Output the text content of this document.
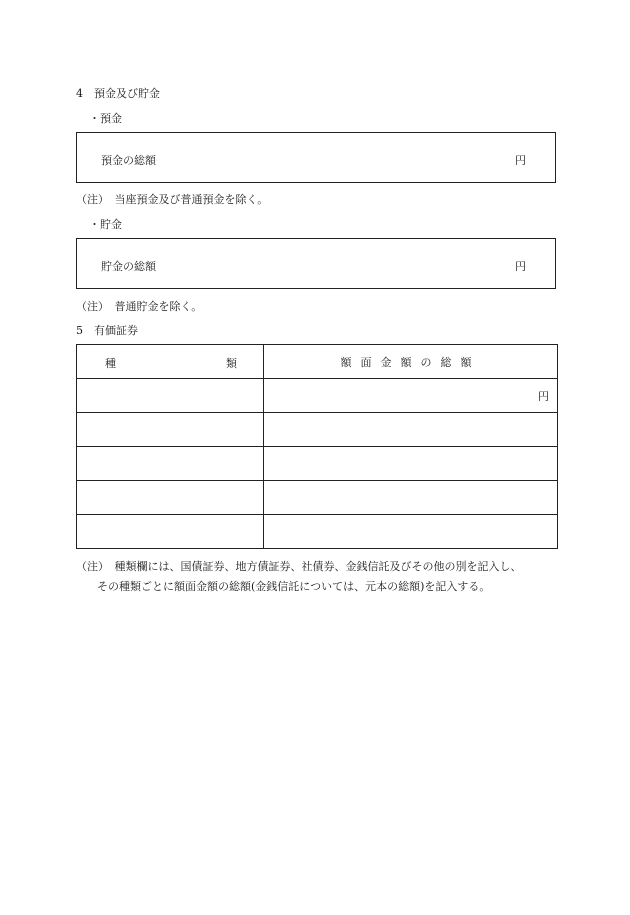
4　預金及び貯金
・預金
預金の総額	円
（注）　当座預金及び普通預金を除く。
・貯金
貯金の総額	円
（注）　普通貯金を除く。
5　有価証券
種 類	額面金額の総額
	円

（注）　種類欄には、国債証券、地方債証券、社債券、金銭信託及びその他の別を記入し、
その種類ごとに額面金額の総額(金銭信託については、元本の総額)を記入する。
